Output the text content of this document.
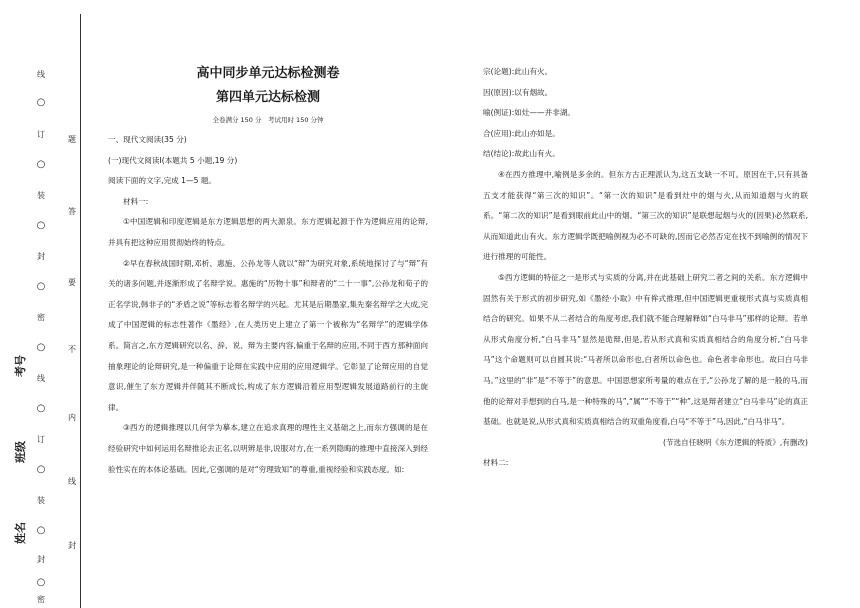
线
○
订
○
装
○
封
○
密
○
线
○
订
○
装
○
封
○
密
题
答
要
不
内
线
封
考号
班级
姓名

高中同步单元达标检测卷

第四单元达标检测

全卷满分 150 分　考试用时 150 分钟

一、现代文阅读(35 分)

(一)现代文阅读Ⅰ(本题共 5 小题,19 分)

阅读下面的文字,完成 1—5 题。

材料一:

①中国逻辑和印度逻辑是东方逻辑思想的两大源泉。东方逻辑起源于作为逻辑应用的论辩,并具有把这种应用贯彻始终的特点。

②早在春秋战国时期,邓析、惠施、公孙龙等人就以“辩”为研究对象,系统地探讨了与“辩”有关的诸多问题,并逐渐形成了名辩学说。惠施的“历物十事”和辩者的“二十一事”,公孙龙和荀子的正名学说,韩非子的“矛盾之说”等标志着名辩学的兴起。尤其是后期墨家,集先秦名辩学之大成,完成了中国逻辑的标志性著作《墨经》,在人类历史上建立了第一个被称为“名辩学”的逻辑学体系。简言之,东方逻辑研究以名、辞、说、辩为主要内容,偏重于名辩的应用,不同于西方那种面向抽象理论的论辩研究,是一种偏重于论辩在实践中应用的应用逻辑学。它彰显了论辩应用的自觉意识,催生了东方逻辑并伴随其不断成长,构成了东方逻辑沿着应用型逻辑发展道路前行的主旋律。

③西方的逻辑推理以几何学为摹本,建立在追求真理的理性主义基础之上,而东方强调的是在经验研究中如何运用名辩推论去正名,以明辨是非,说服对方,在一系列隐晦的推理中直接深入到经验性实在的本体论基础。因此,它强调的是对“穷理致知”的尊重,重视经验和实践态度。如:

宗(论题):此山有火。

因(原因):以有烟故。

喻(例证):如灶——并非湖。

合(应用):此山亦如是。

结(结论):故此山有火。

④在西方推理中,喻例是多余的。但东方古正理派认为,这五支缺一不可。原因在于,只有具备五支才能获得“第三次的知识”。“第一次的知识”是看到灶中的烟与火,从而知道烟与火的联系。“第二次的知识”是看到眼前此山中的烟。“第三次的知识”是联想起烟与火的(因果)必然联系,从而知道此山有火。东方逻辑学既把喻例视为必不可缺的,因而它必然否定在找不到喻例的情况下进行推理的可能性。

⑤西方逻辑的特征之一是形式与实质的分离,并在此基础上研究二者之间的关系。东方逻辑中固然有关于形式的初步研究,如《墨经·小取》中有侔式推理,但中国逻辑更重视形式真与实质真相结合的研究。如果不从二者结合的角度考虑,我们就不能合理解释如“白马非马”那样的论辩。若单从形式角度分析,“白马非马”显然是诡辩,但是,若从形式真和实质真相结合的角度分析,“白马非马”这个命题则可以自圆其说:“马者所以命形也,白者所以命色也。命色者非命形也。故曰白马非马。”这里的“非”是“不等于”的意思。中国思想家所考量的难点在于,“公孙龙了解的是一般的马,而他的论辩对手想到的白马,是一种特殊的马”,“属”“不等于”“种”,这是辩者建立“白马非马”论的真正基础。也就是说,从形式真和实质真相结合的双重角度看,白马“不等于”马,因此,“白马非马”。

(节选自任晓明《东方逻辑的特质》,有删改)

材料二:
